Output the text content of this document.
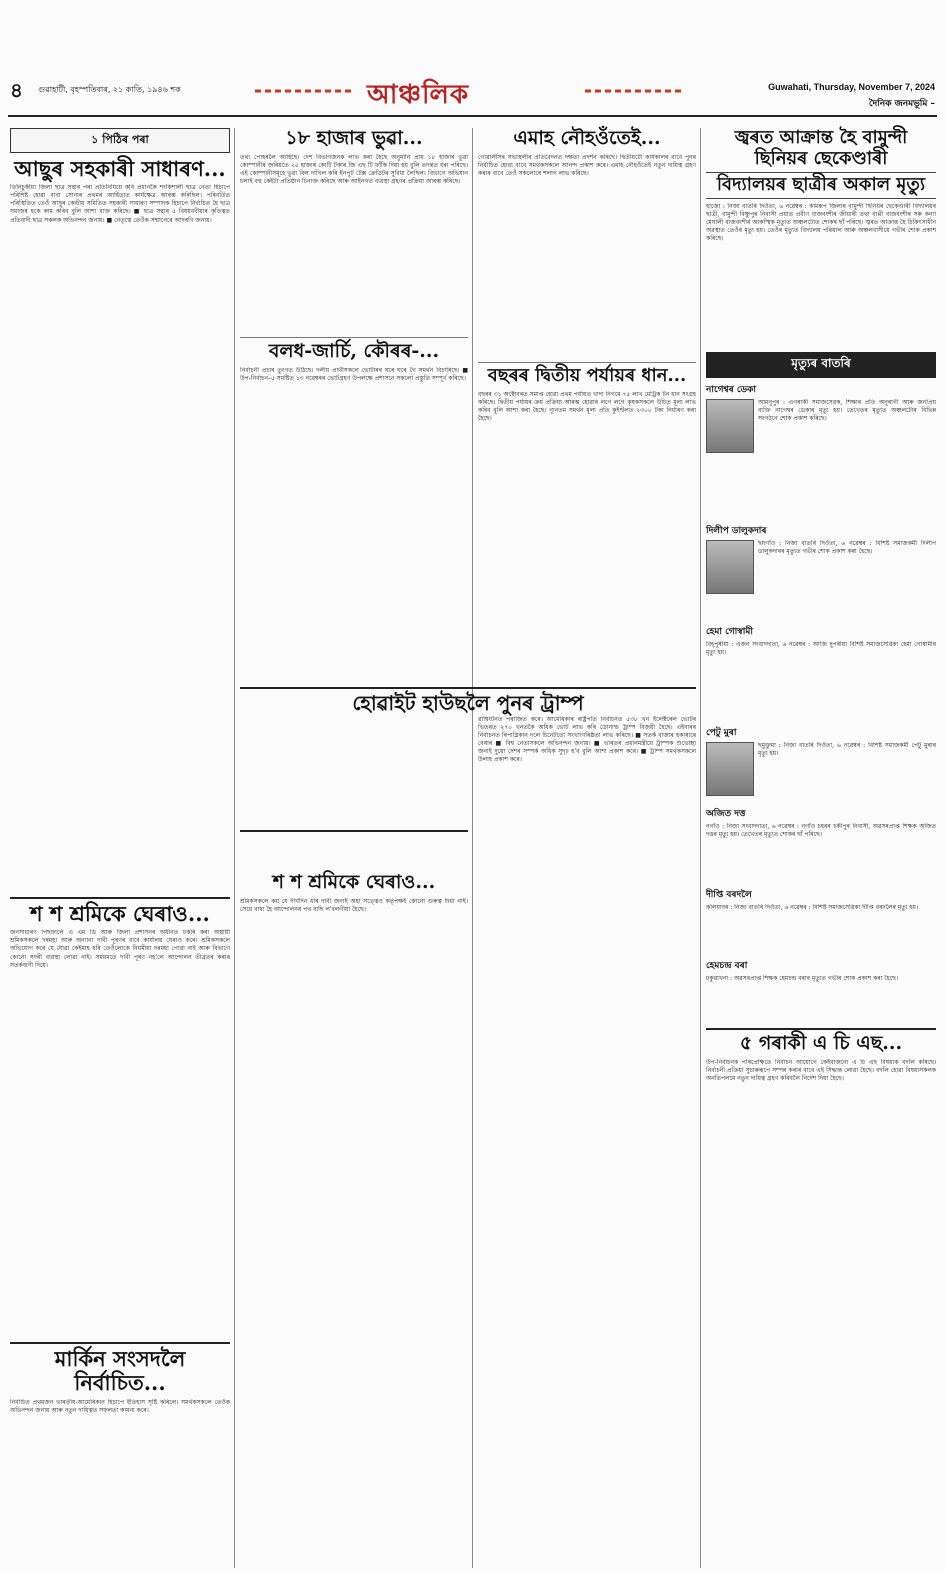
৪ গুৱাহাটী, বৃহস্পতিবাৰ, ২১ কাতি, ১৯৪৬ শক	আঞ্চলিক	Guwahati, Thursday, November 7, 2024
দৈনিক জনমভূমি –
১ পিঠিৰ পৰা
আছুৰ সহকাৰী সাধাৰণ...
তিনিচুকীয়া জিলা ছাত্ৰ সন্থাৰ পৰা প্ৰতিনিধিয়ে কবি প্ৰধানকৈ শংকিশালী ছাত্ৰ নেতা হিচাপে পৰিশিষ্ট হোৱা বাবা সোনাৰ প্ৰথমৰ আৰ্হিতাত কাৰ্যক্ষেত্ৰ আৰম্ভ কৰিছিল। পৰিবৰ্তিত পৰিস্থিতিত তেওঁ আছুৰ কেন্দ্ৰীয় সমিতিত সহকাৰী সাধাৰণ সম্পাদক হিচাপে নিৰ্বাচিত হৈ ছাত্ৰ সমাজৰ হকে কাম কৰিব বুলি আশা ব্যক্ত কৰিছে। ■ ছাত্ৰ সন্থাৰ ৫ বিষয়ববীয়াৰ কৃতিত্বত প্ৰতিবাদী ছাত্ৰ সকলক অভিনন্দন জনায়। ■ নেতৃত্বে তেওঁক সন্মানেৰে আদৰণি জনায়।
শ শ শ্ৰমিকে ঘেৰাও...
জনসাধাৰণ পিছফালে এ এম ডি আৰু জিলা প্ৰশাসনৰ অধীনত চকৰি কৰা অস্থায়ী শ্ৰমিকসকলে দৰমহা আৰু অন্যান্য দাবী পূৰণৰ বাবে কাৰ্যালয় ঘেৰাও কৰে। শ্ৰমিকসকলে অভিযোগ কৰে যে যোৱা কেইমাহ ধৰি তেওঁলোকে নিয়মীয়া দৰমহা পোৱা নাই আৰু বিভাগে কোনো সদৰী ব্যৱস্থা লোৱা নাই। সময়মতে দাবী পূৰণ নহ'লে আন্দোলন তীব্ৰতৰ কৰাৰ সতৰ্কবাণী দিয়ে।
মাৰ্কিন সংসদলৈ নিৰ্বাচিত...
নিৰ্বাচিত প্ৰথমজন ভাৰতীয়-আমেৰিকান হিচাপে ইতিহাস সৃষ্টি কৰিলে। সমৰ্থকসকলে তেওঁক অভিনন্দন জনায় আৰু নতুন দায়িত্বত সফলতা কামনা কৰে।
১৮ হাজাৰ ভুৱা...
তথ্য পোহৰলৈ আহিছে। দেশ বিভাগজনক লাভ কৰা হৈছে অনুমানি প্ৰায় ১৮ হাজাৰ ভুৱা কোম্পানীৰ জৰিয়তে ২৫ হাজাৰ কোটি টকাৰ জি এছ টি ফাঁকি দিয়া হয় বুলি তদন্তত ধৰা পৰিছে। এই কোম্পানীসমূহে ভুৱা বিল দাখিল কৰি ইনপুট টেক্স ক্ৰেডিটৰ সুবিধা লৈছিল। বিভাগে অভিযান চলাই বহু কেইটা প্ৰতিষ্ঠান চিনাক্ত কৰিছে আৰু আইনগত ব্যৱস্থা গ্ৰহণৰ প্ৰক্ৰিয়া আৰম্ভ কৰিছে।
বলধ-জাৰ্চি, কৌৰৰ-...
নিৰ্বাচনী প্ৰচাৰ তুংগত উঠিছে। দলীয় প্ৰাৰ্থীসকলে ভোটাৰৰ ঘৰে ঘৰে গৈ সমৰ্থন বিচাৰিছে। ■ উপ-নিৰ্বাচন–৫ সমষ্টিত ১৩ নৱেম্বৰৰ ভোটগ্ৰহণ উপলক্ষে প্ৰশাসনে সকলো প্ৰস্তুতি সম্পূৰ্ণ কৰিছে।
শ শ শ্ৰমিকে ঘেৰাও...
শ্ৰমিকসকলে কয় যে দীৰ্ঘদিন ধৰি দাবী জনাই অহা সত্ত্বেও কৰ্তৃপক্ষই কোনো গুৰুত্ব দিয়া নাই। সেয়ে বাধ্য হৈ আন্দোলনৰ পথ বাছি ল'বলগীয়া হৈছে।
এমাহ নৌহওঁতেই...
গোৱালীসৰ সভাস্থলীৰ প্ৰতিবেদনত দক্ষতা প্ৰদৰ্শন কৰিছে। দ্বিতীয়টো কাৰ্যকালৰ বাবে পুনৰ নিৰ্বাচিত হোৱা বাবে সমৰ্থকসকলে আনন্দ প্ৰকাশ কৰে। এমাহ নৌহওঁতেই নতুন দায়িত্ব গ্ৰহণ কৰাৰ বাবে তেওঁ সকলোৰে শলাগ লাভ কৰিছে।
বছৰৰ দ্বিতীয় পৰ্যায়ৰ ধান...
বছৰৰ ৩১ অক্টোবৰত সমাপ্ত হোৱা প্ৰথম পৰ্যায়ত খাদ্য নিগমে ৭৫ লাখ মেট্ৰিক টন ধান সংগ্ৰহ কৰিছে। দ্বিতীয় পৰ্যায়ৰ ক্ৰয় প্ৰক্ৰিয়া আৰম্ভ হোৱাৰ লগে লগে কৃষকসকলে উচিত মূল্য লাভ কৰিব বুলি আশা কৰা হৈছে। ন্যূনতম সমৰ্থন মূল্য প্ৰতি কুইণ্টলত ২৩০০ টকা নিৰ্ধাৰণ কৰা হৈছে।
হোৱাইট হাউছলৈ পুনৰ ট্ৰাম্প
ৱাশ্বিংটনত পৰাজিত কৰে। আমেৰিকাৰ ৰাষ্ট্ৰপতি নিৰ্বাচনত ৫৩৮ খন ইলেক্টৰেল ভোটৰ ভিতৰত ২৭০ খনতকৈ অধিক ভোট লাভ কৰি ডোনাল্ড ট্ৰাম্প বিজয়ী হৈছে। এইবাৰৰ নিৰ্বাচনত ৰিপাব্লিকান দলে চিনেটতো সংখ্যাগৰিষ্ঠতা লাভ কৰিছে। ■ সতৰ্ক বাজাৰ হকাৰাৰে বেৰাৰ ■ বিশ্ব নেতাসকলে অভিনন্দন জনায়। ■ ভাৰতৰ প্ৰধানমন্ত্ৰীয়ে ট্ৰাম্পক শুভেচ্ছা জনাই দুয়ো দেশৰ সম্পৰ্ক অধিক সুদৃঢ় হ'ব বুলি আশা প্ৰকাশ কৰে। ■ ট্ৰাম্প সমৰ্থকসকলে উলাহ প্ৰকাশ কৰে।
জ্বৰত আক্ৰান্ত হৈ বামুন্দী ছিনিয়ৰ ছেকেণ্ডাৰী
বিদ্যালয়ৰ ছাত্ৰীৰ অকাল মৃত্যু
হাজো : নিজা বাতৰি দিওঁতা, ৬ নৱেম্বৰ : কামৰূপ জিলাৰ বামুন্দী ছিনিয়ৰ ছেকেণ্ডাৰী বিদ্যালয়ৰ ছাত্ৰী, বামুন্দী বিষ্ণুপুৰ নিবাসী প্ৰয়াত প্ৰবীণ বাজবংশীৰ জীয়াৰী তথা বাপ্পী বাজবংশীৰ সৰু কন্যা মেঘালী বাজবংশীৰ আকস্মিক মৃত্যুত অঞ্চলটোত শোকৰ ছাঁ পৰিছে। জ্বৰত আক্ৰান্ত হৈ চিকিৎসাধীন অৱস্থাত তেওঁৰ মৃত্যু হয়। তেওঁৰ মৃত্যুত বিদ্যালয় পৰিয়াল আৰু অঞ্চলবাসীয়ে গভীৰ শোক প্ৰকাশ কৰিছে।
মৃত্যুৰ বাতৰি
নাগেশ্বৰ ডেকা
আমনুপুৰ : এগৰাকী সমাজসেৱক, শিক্ষাৰ প্ৰতি অনুৰাগী আৰু জনপ্ৰিয় ব্যক্তি নাগেশ্বৰ ডেকাৰ মৃত্যু হয়। তেখেতৰ মৃত্যুত অঞ্চলটোৰ বিভিন্ন সংগঠনে শোক প্ৰকাশ কৰিছে।
দিলীপ ডালুকদাৰ
ছয়গাঁও : নিজা বাতৰি দিওঁতা, ৬ নৱেম্বৰ : বিশিষ্ট সমাজকৰ্মী দিলীপ ডালুকদাৰৰ মৃত্যুত গভীৰ শোক প্ৰকাশ কৰা হৈছে।
হেমা গোস্বামী
বিহ্‌পুৰীয়া : এজন সংবাদদাতা, ৬ নৱেম্বৰ : আজি দুপৰীয়া বিশিষ্ট সমাজসেৱিকা হেমা গোস্বামীৰ মৃত্যু হয়।
পেটু মুৰা
ছমুক্তুমা : নিজা বাতৰি দিওঁতা, ৬ নৱেম্বৰ : বিশিষ্ট সমাজকৰ্মী পেটু মুৰাৰ মৃত্যু হয়।
অজিত দত্ত
নগাঁও : নিজা সংবাদদাতা, ৬ নৱেম্বৰ : নগাঁও চহৰৰ চকীপুৰ নিবাসী, অৱসৰপ্ৰাপ্ত শিক্ষক অজিত দত্তৰ মৃত্যু হয়। তেখেতৰ মৃত্যুত শোকৰ ছাঁ পৰিছে।
দীপ্তি বৰদলৈ
কলিয়াবৰ : নিজা বাতৰি দিওঁতা, ৬ নৱেম্বৰ : বিশিষ্ট সমাজসেৱিকা দীপ্তি বৰদলৈৰ মৃত্যু হয়।
হেমচন্দ্ৰ বৰা
ঢকুৱাখনা : অৱসৰপ্ৰাপ্ত শিক্ষক হেমচন্দ্ৰ বৰাৰ মৃত্যুত গভীৰ শোক প্ৰকাশ কৰা হৈছে।
৫ গৰাকী এ চি এছ...
উপ-নিৰ্বাচনক পৰিপ্ৰেক্ষিতে নিৰ্বাচন আয়োগে কেইবাজনো এ চি এছ বিষয়াক বদলি কৰিছে। নিৰ্বাচনী প্ৰক্ৰিয়া সুচাৰুৰূপে সম্পন্ন কৰাৰ বাবে এই সিদ্ধান্ত লোৱা হৈছে। বদলি হোৱা বিষয়াসকলক অনতিপলমে নতুন দায়িত্ব গ্ৰহণ কৰিবলৈ নিৰ্দেশ দিয়া হৈছে।
